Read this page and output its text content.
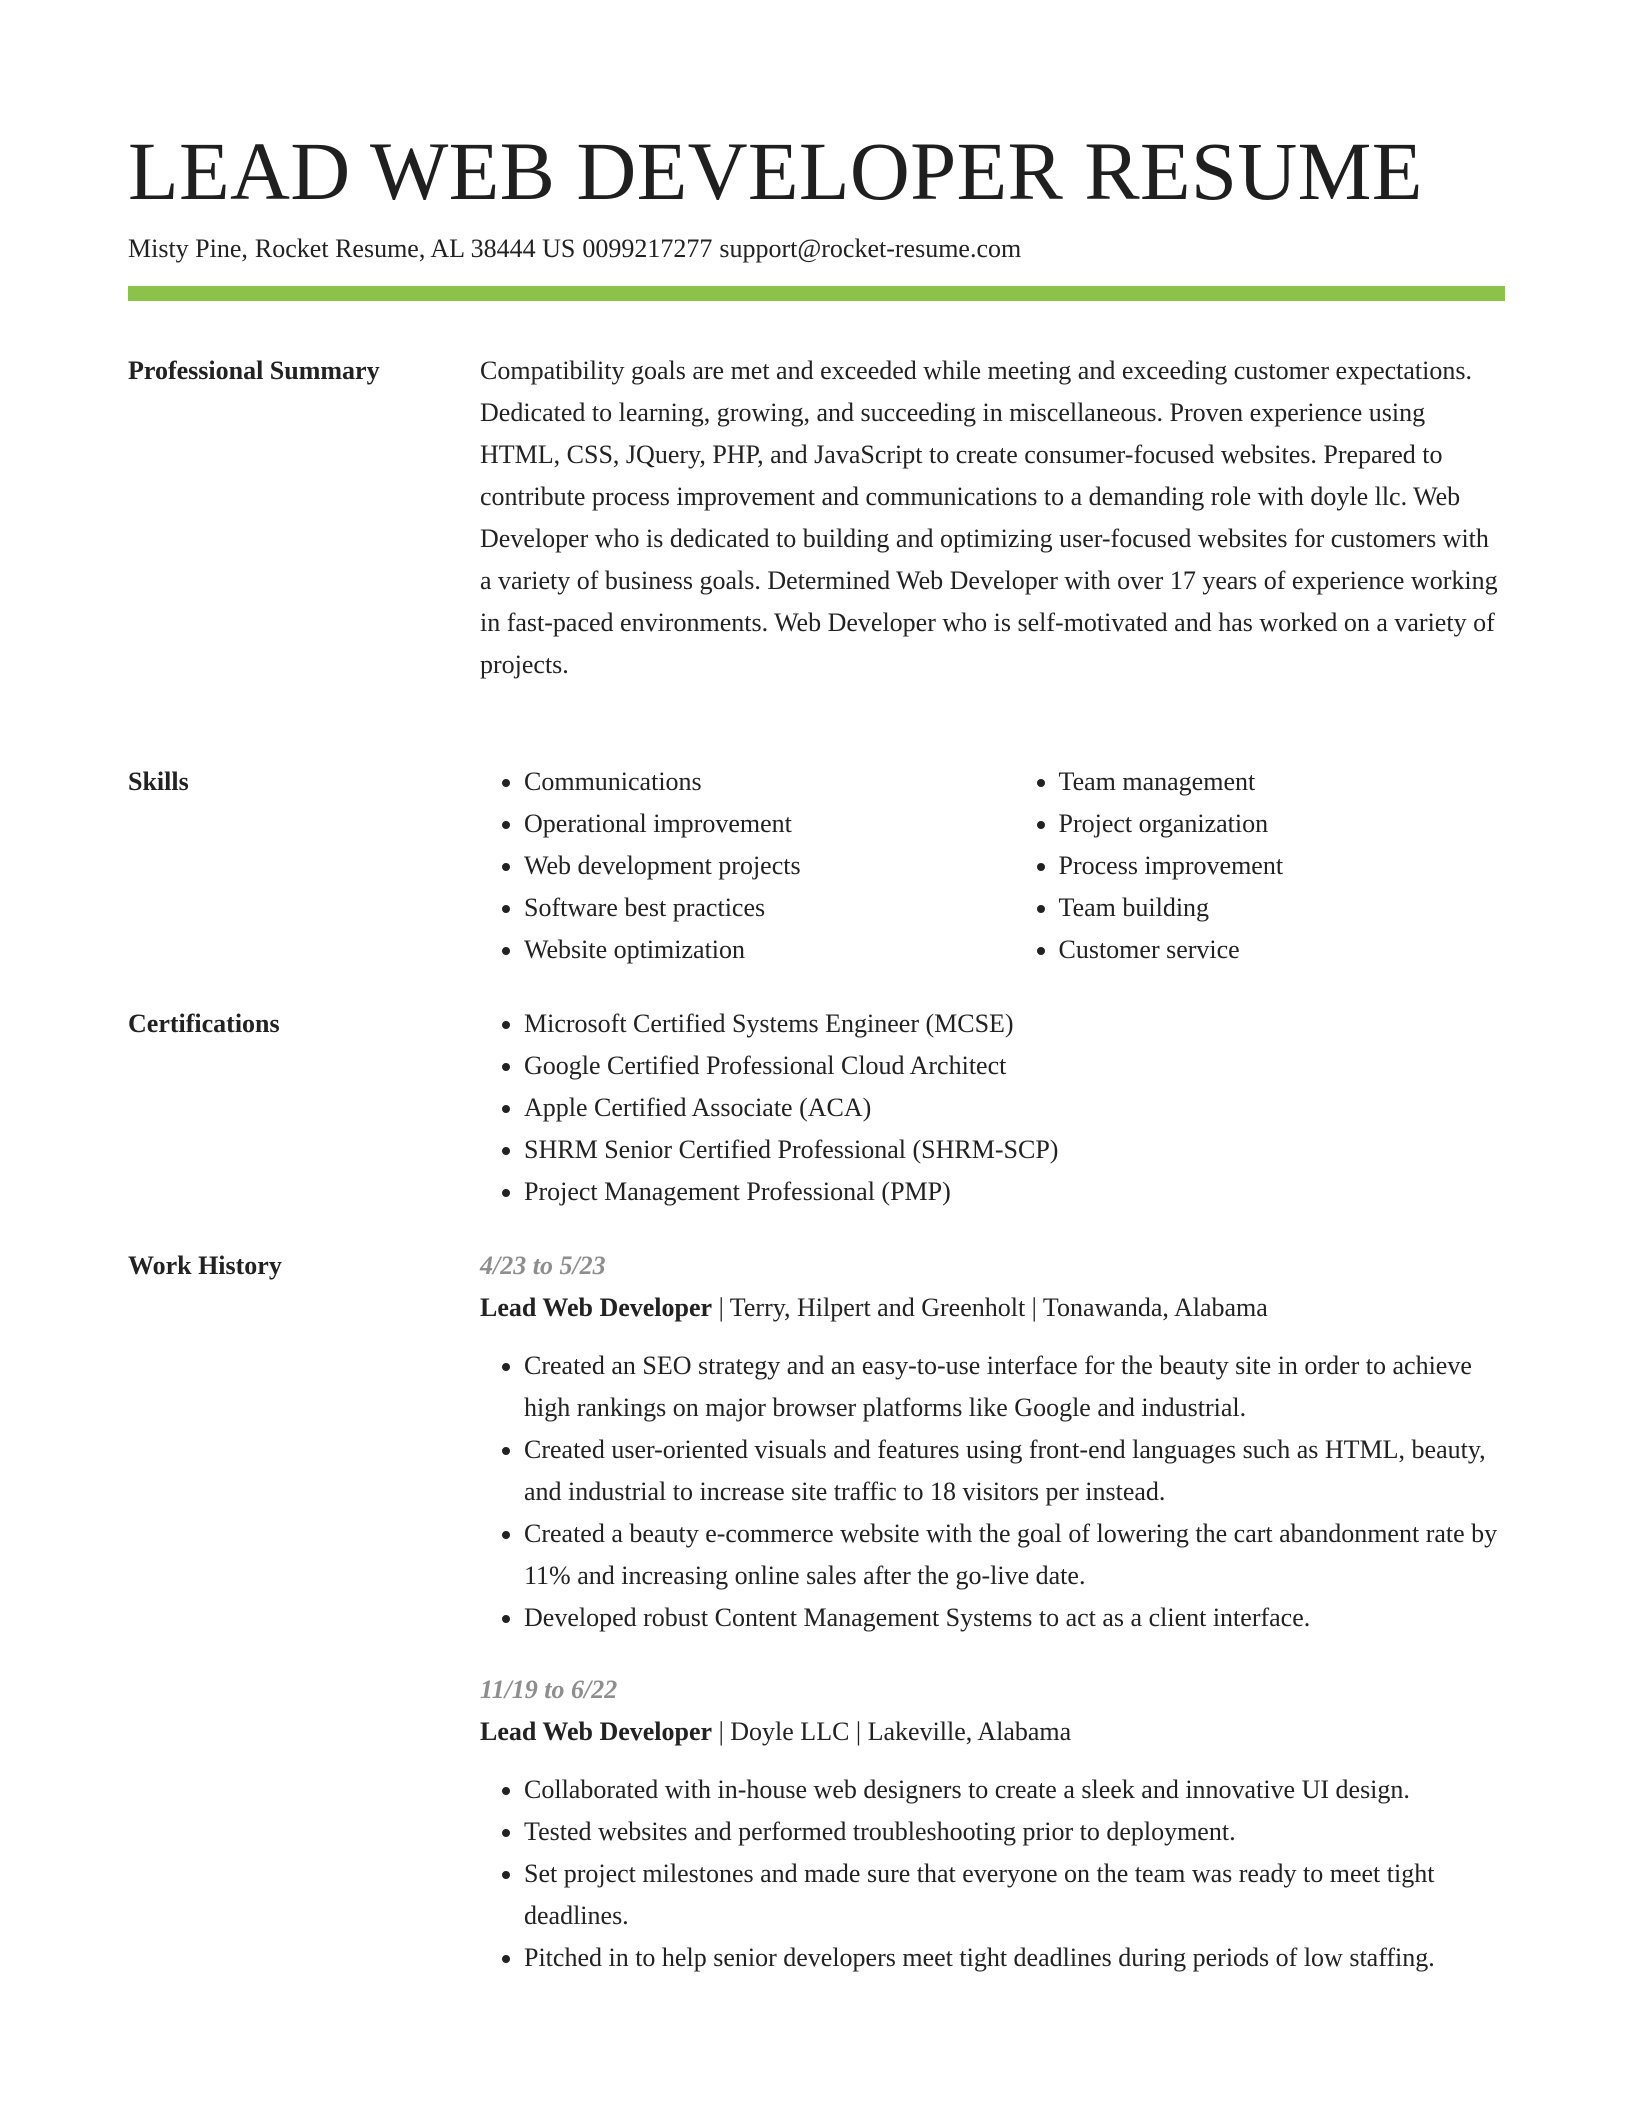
LEAD WEB DEVELOPER RESUME
Misty Pine, Rocket Resume, AL 38444 US 0099217277 support@rocket-resume.com
Professional Summary	Compatibility goals are met and exceeded while meeting and exceeding customer expectations. Dedicated to learning, growing, and succeeding in miscellaneous. Proven experience using HTML, CSS, JQuery, PHP, and JavaScript to create consumer-focused websites. Prepared to contribute process improvement and communications to a demanding role with doyle llc. Web Developer who is dedicated to building and optimizing user-focused websites for customers with a variety of business goals. Determined Web Developer with over 17 years of experience working in fast-paced environments. Web Developer who is self-motivated and has worked on a variety of projects.

Skills	• Communications
• Operational improvement
• Web development projects
• Software best practices
• Website optimization
• Team management
• Project organization
• Process improvement
• Team building
• Customer service
Certifications	• Microsoft Certified Systems Engineer (MCSE)
• Google Certified Professional Cloud Architect
• Apple Certified Associate (ACA)
• SHRM Senior Certified Professional (SHRM-SCP)
• Project Management Professional (PMP)
Work History	4/23 to 5/23
Lead Web Developer | Terry, Hilpert and Greenholt | Tonawanda, Alabama
• Created an SEO strategy and an easy-to-use interface for the beauty site in order to achieve high rankings on major browser platforms like Google and industrial.
• Created user-oriented visuals and features using front-end languages such as HTML, beauty, and industrial to increase site traffic to 18 visitors per instead.
• Created a beauty e-commerce website with the goal of lowering the cart abandonment rate by 11% and increasing online sales after the go-live date.
• Developed robust Content Management Systems to act as a client interface.
11/19 to 6/22
Lead Web Developer | Doyle LLC | Lakeville, Alabama
• Collaborated with in-house web designers to create a sleek and innovative UI design.
• Tested websites and performed troubleshooting prior to deployment.
• Set project milestones and made sure that everyone on the team was ready to meet tight deadlines.
• Pitched in to help senior developers meet tight deadlines during periods of low staffing.
